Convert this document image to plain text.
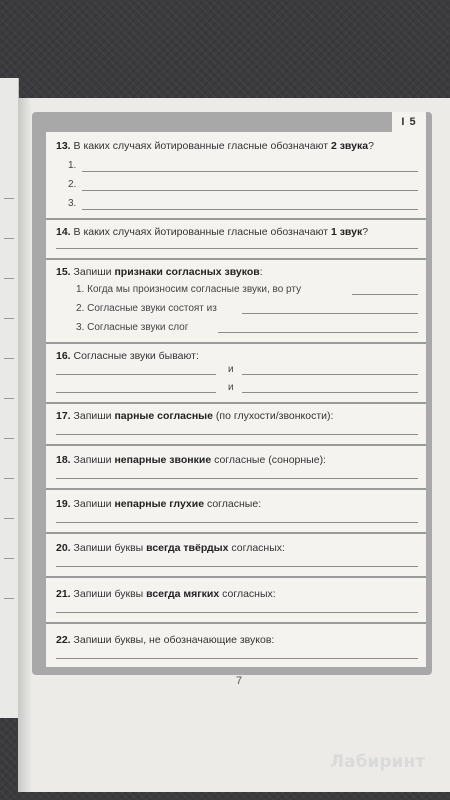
I 5
13. В каких случаях йотированные гласные обозначают 2 звука?
1.
2.
3.
14. В каких случаях йотированные гласные обозначают 1 звук?
15. Запиши признаки согласных звуков:
1. Когда мы произносим согласные звуки, во рту
2. Согласные звуки состоят из
3. Согласные звуки слог
16. Согласные звуки бывают:
и
и
17. Запиши парные согласные (по глухости/звонкости):
18. Запиши непарные звонкие согласные (сонорные):
19. Запиши непарные глухие согласные:
20. Запиши буквы всегда твёрдых согласных:
21. Запиши буквы всегда мягких согласных:
22. Запиши буквы, не обозначающие звуков:
7
Лабиринт
